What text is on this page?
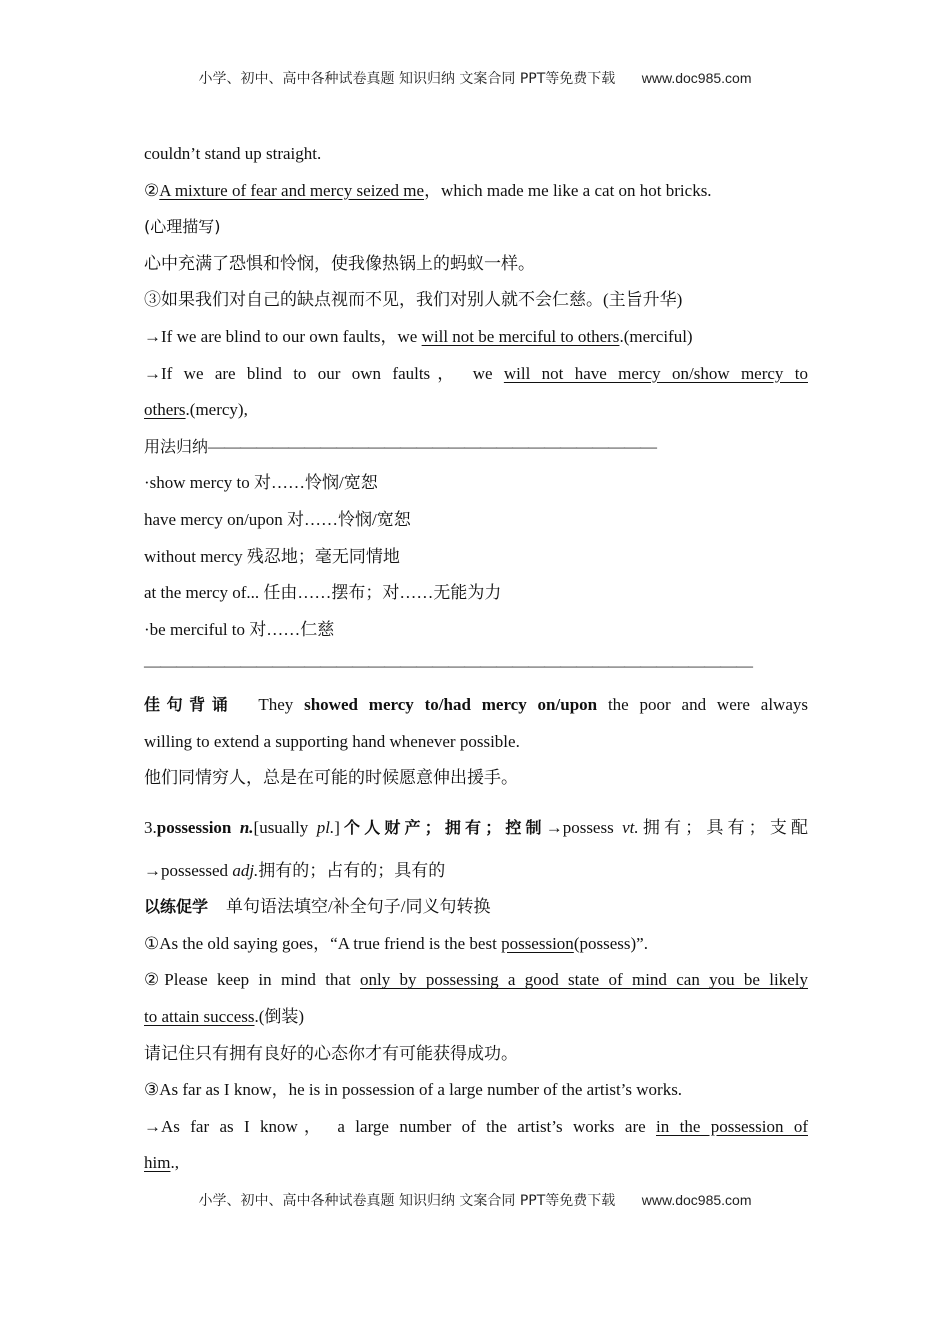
小学、初中、高中各种试卷真题 知识归纳 文案合同 PPT等免费下载 www.doc985.com
couldn’t stand up straight.
②A mixture of fear and mercy seized me，which made me like a cat on hot bricks.
(心理描写)
心中充满了恐惧和怜悯，使我像热锅上的蚂蚁一样。
③如果我们对自己的缺点视而不见，我们对别人就不会仁慈。(主旨升华)
→If we are blind to our own faults，we will not be merciful to others.(merciful)
→If we are blind to our own faults， we will not have mercy on/show mercy to
others.(mercy),
用法归纳————————————————————————————
·show mercy to 对……怜悯/宽恕
have mercy on/upon 对……怜悯/宽恕
without mercy 残忍地；毫无同情地
at the mercy of... 任由……摆布；对……无能为力
·be merciful to 对……仁慈
——————————————————————————————————————
佳句背诵 They showed mercy to/had mercy on/upon the poor and were always
willing to extend a supporting hand whenever possible.
他们同情穷人，总是在可能的时候愿意伸出援手。
3.possession n.[usually pl.]个人财产；拥有；控制→possess vt.拥有；具有；支配
→possessed adj.拥有的；占有的；具有的
以练促学 单句语法填空/补全句子/同义句转换
①As the old saying goes，“A true friend is the best possession(possess)”.
②Please keep in mind that only by possessing a good state of mind can you be likely
to attain success.(倒装)
请记住只有拥有良好的心态你才有可能获得成功。
③As far as I know，he is in possession of a large number of the artist’s works.
→As far as I know， a large number of the artist’s works are in the possession of
him.,
小学、初中、高中各种试卷真题 知识归纳 文案合同 PPT等免费下载 www.doc985.com
